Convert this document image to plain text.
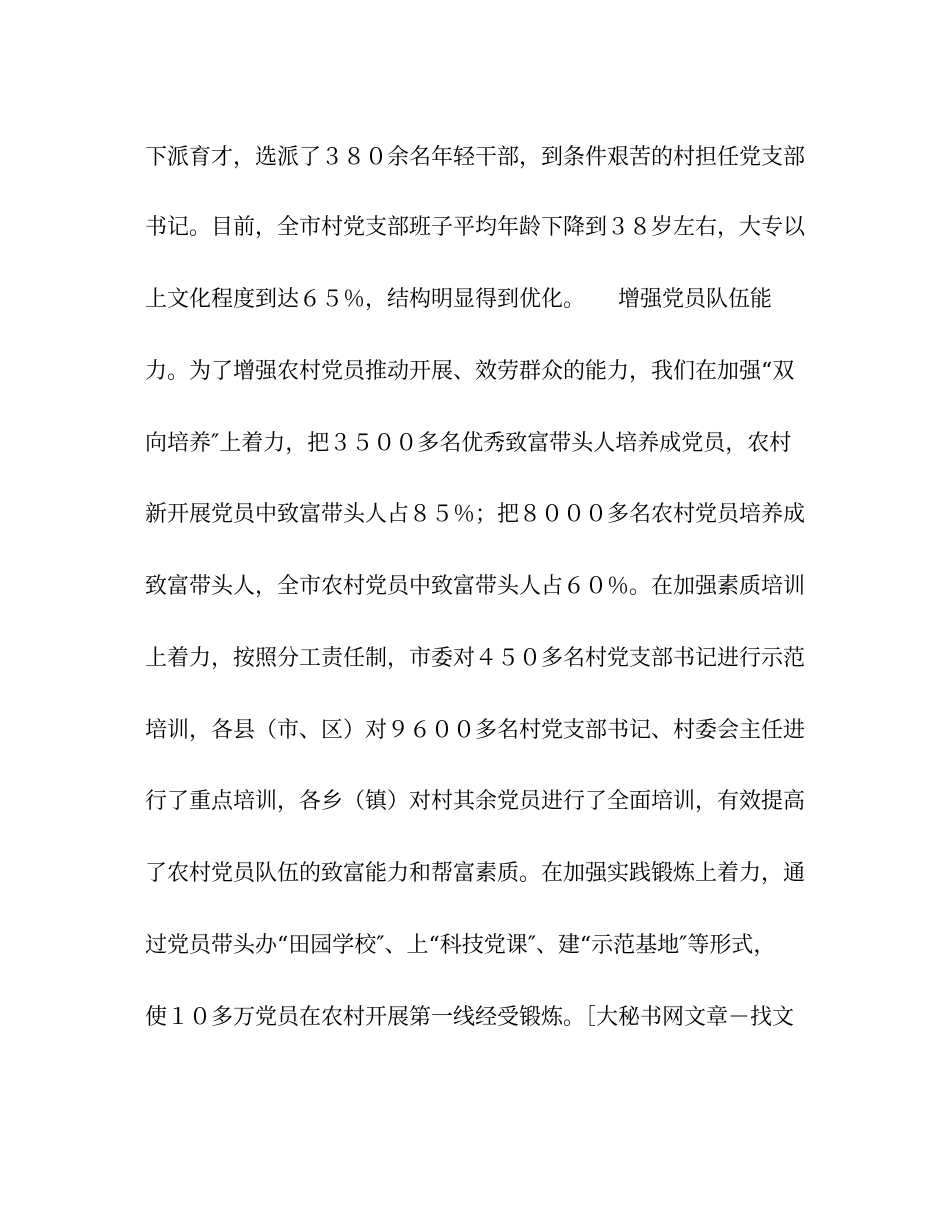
下派育才，选派了３８０余名年轻干部，到条件艰苦的村担任党支部
书记。目前，全市村党支部班子平均年龄下降到３８岁左右，大专以
上文化程度到达６５％，结构明显得到优化。　　增强党员队伍能
力。为了增强农村党员推动开展、效劳群众的能力，我们在加强“双
向培养″上着力，把３５００多名优秀致富带头人培养成党员，农村
新开展党员中致富带头人占８５％；把８０００多名农村党员培养成
致富带头人，全市农村党员中致富带头人占６０％。在加强素质培训
上着力，按照分工责任制，市委对４５０多名村党支部书记进行示范
培训，各县（市、区）对９６００多名村党支部书记、村委会主任进
行了重点培训，各乡（镇）对村其余党员进行了全面培训，有效提高
了农村党员队伍的致富能力和帮富素质。在加强实践锻炼上着力，通
过党员带头办“田园学校″、上“科技党课″、建“示范基地″等形式，
使１０多万党员在农村开展第一线经受锻炼。［大秘书网文章－找文
